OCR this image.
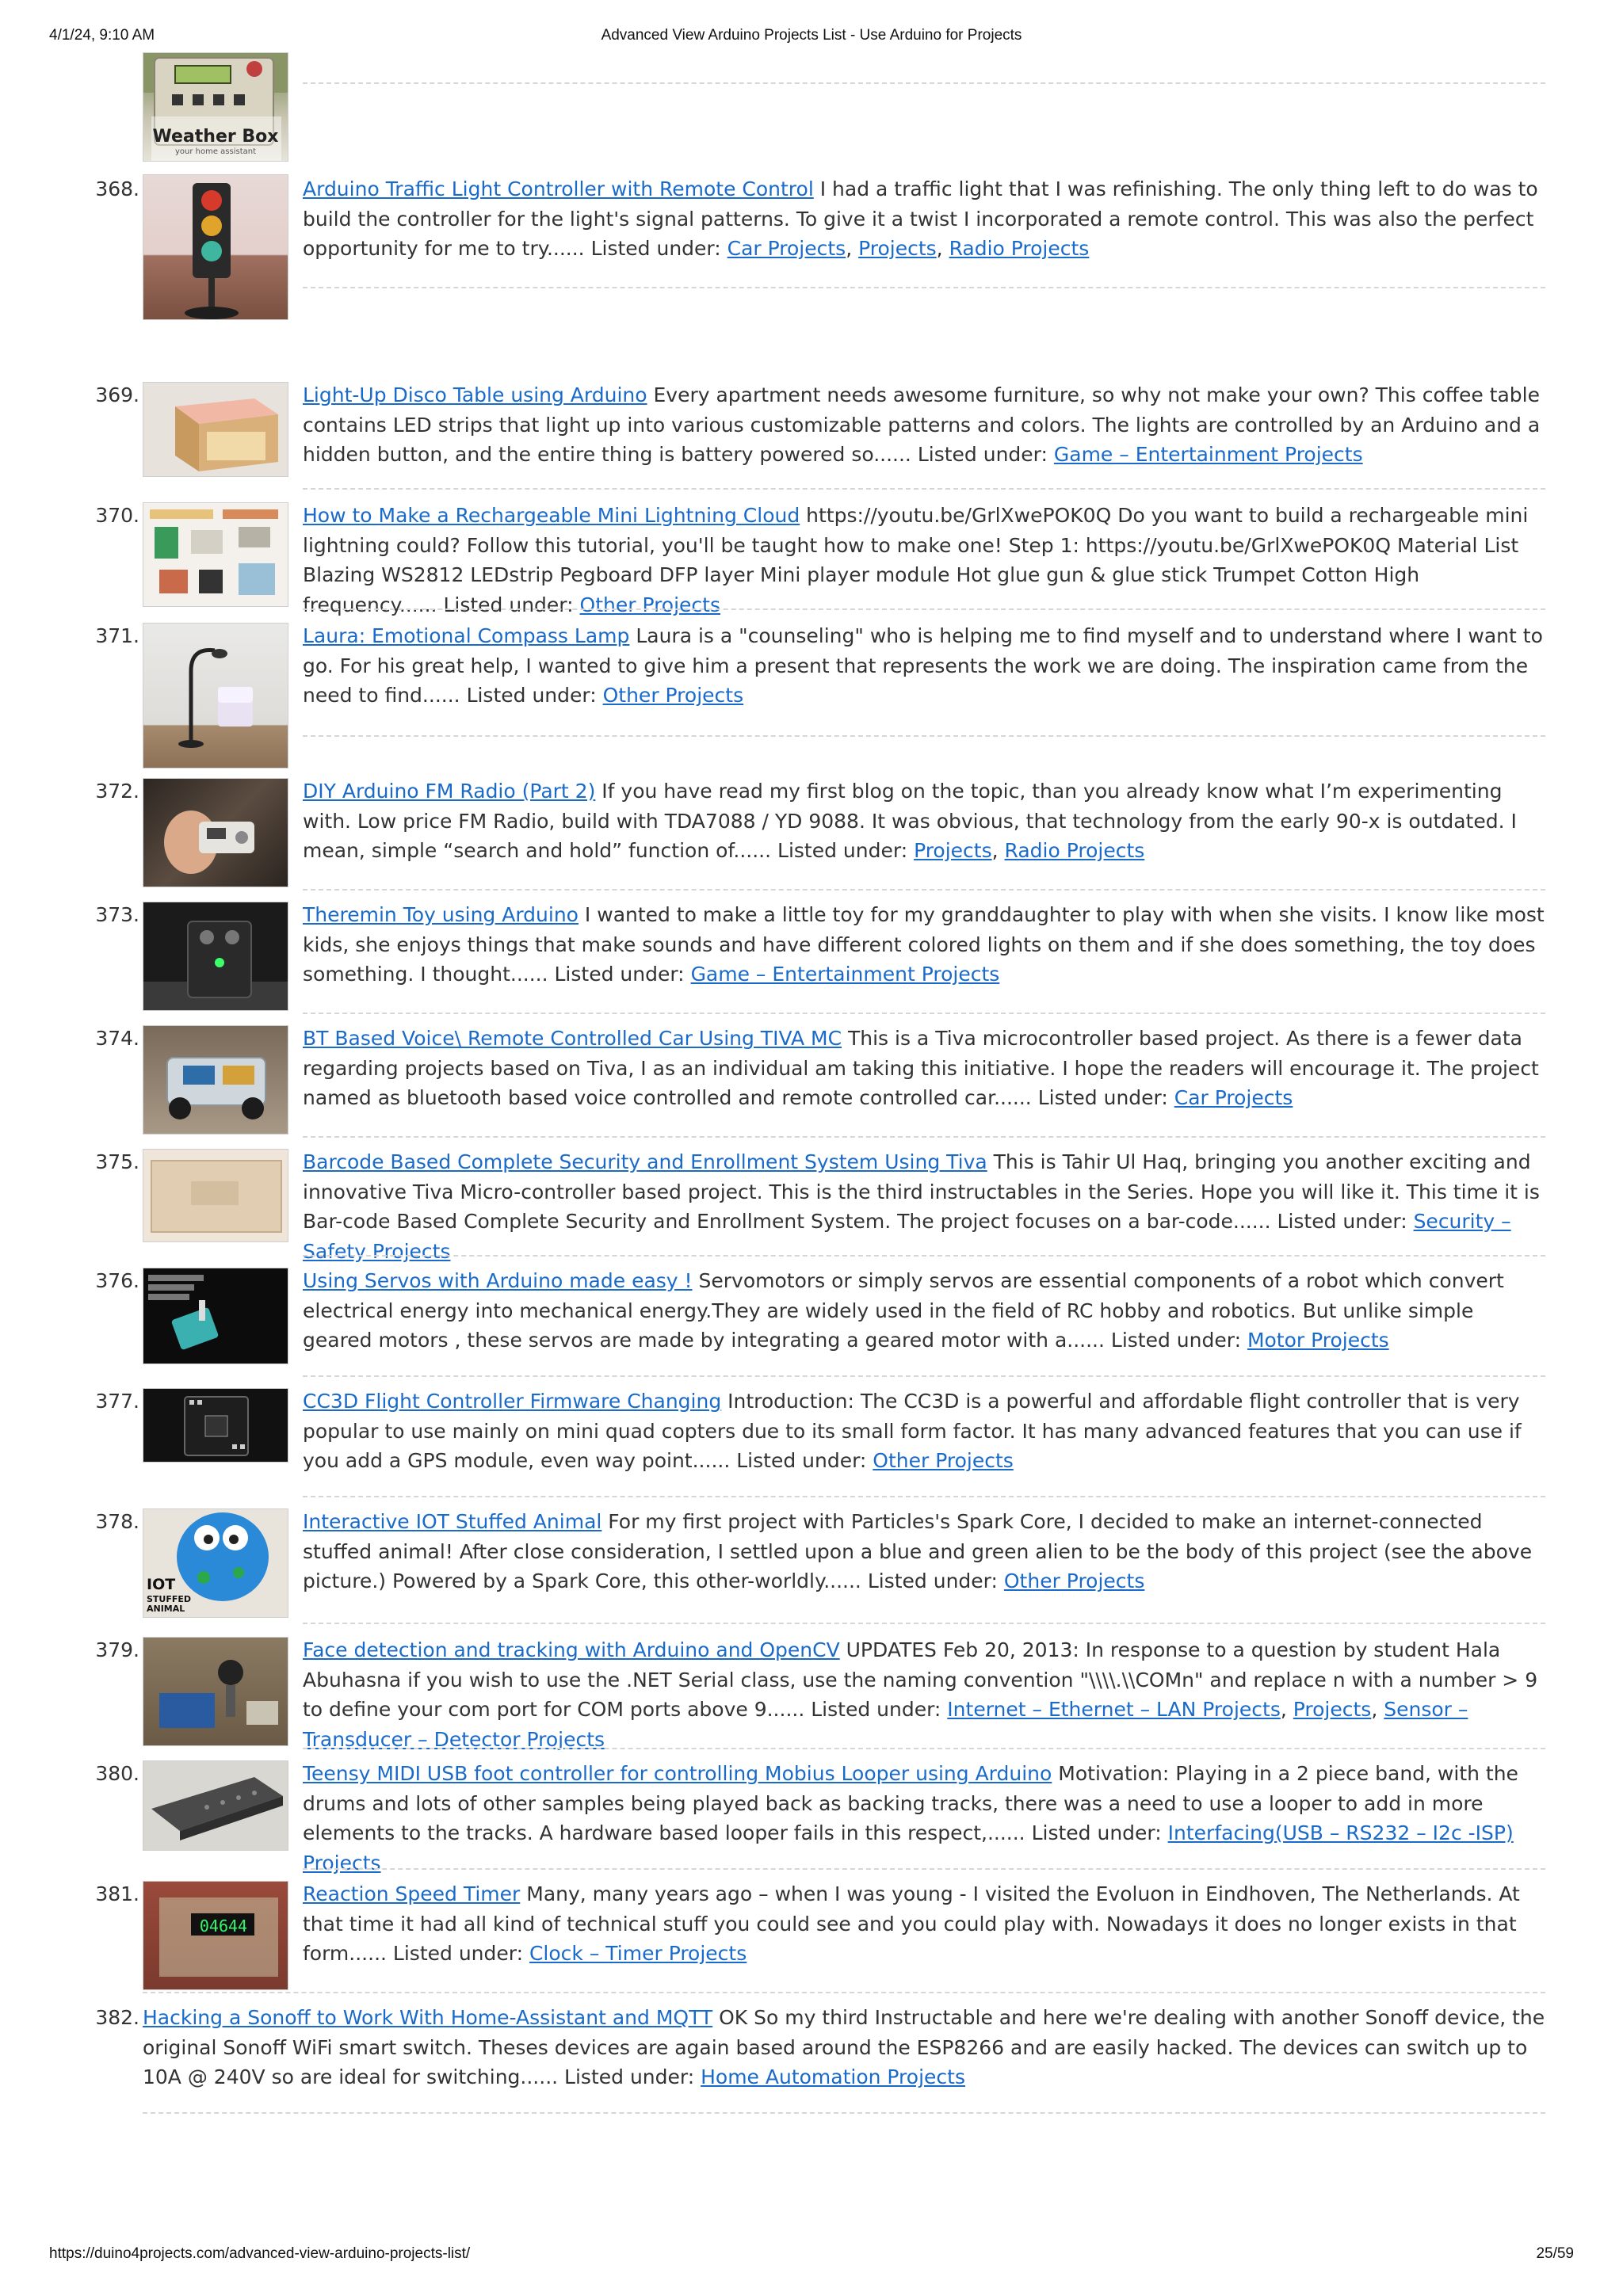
4/1/24, 9:10 AM	Advanced View Arduino Projects List - Use Arduino for Projects
Weather Box
your home assistant
368.	Arduino Traffic Light Controller with Remote Control I had a traffic light that I was refinishing. The only thing left to do was to build the controller for the light's signal patterns. To give it a twist I incorporated a remote control. This was also the perfect opportunity for me to try...... Listed under: Car Projects, Projects, Radio Projects
369.	Light-Up Disco Table using Arduino Every apartment needs awesome furniture, so why not make your own? This coffee table contains LED strips that light up into various customizable patterns and colors. The lights are controlled by an Arduino and a hidden button, and the entire thing is battery powered so...... Listed under: Game – Entertainment Projects
370.	How to Make a Rechargeable Mini Lightning Cloud https://youtu.be/GrlXwePOK0Q Do you want to build a rechargeable mini lightning could? Follow this tutorial, you'll be taught how to make one! Step 1: https://youtu.be/GrlXwePOK0Q Material List Blazing WS2812 LEDstrip Pegboard DFP layer Mini player module Hot glue gun & glue stick Trumpet Cotton High frequency...... Listed under: Other Projects
371.	Laura: Emotional Compass Lamp Laura is a "counseling" who is helping me to find myself and to understand where I want to go. For his great help, I wanted to give him a present that represents the work we are doing. The inspiration came from the need to find...... Listed under: Other Projects
372.	DIY Arduino FM Radio (Part 2) If you have read my first blog on the topic, than you already know what I’m experimenting with. Low price FM Radio, build with TDA7088 / YD 9088. It was obvious, that technology from the early 90-x is outdated. I mean, simple “search and hold” function of...... Listed under: Projects, Radio Projects
373.	Theremin Toy using Arduino I wanted to make a little toy for my granddaughter to play with when she visits. I know like most kids, she enjoys things that make sounds and have different colored lights on them and if she does something, the toy does something. I thought...... Listed under: Game – Entertainment Projects
374.	BT Based Voice\ Remote Controlled Car Using TIVA MC This is a Tiva microcontroller based project. As there is a fewer data regarding projects based on Tiva, I as an individual am taking this initiative. I hope the readers will encourage it. The project named as bluetooth based voice controlled and remote controlled car...... Listed under: Car Projects
375.	Barcode Based Complete Security and Enrollment System Using Tiva This is Tahir Ul Haq, bringing you another exciting and innovative Tiva Micro-controller based project. This is the third instructables in the Series. Hope you will like it. This time it is Bar-code Based Complete Security and Enrollment System. The project focuses on a bar-code...... Listed under: Security – Safety Projects
376.	Using Servos with Arduino made easy ! Servomotors or simply servos are essential components of a robot which convert electrical energy into mechanical energy.They are widely used in the field of RC hobby and robotics. But unlike simple geared motors , these servos are made by integrating a geared motor with a...... Listed under: Motor Projects
377.	CC3D Flight Controller Firmware Changing Introduction: The CC3D is a powerful and affordable flight controller that is very popular to use mainly on mini quad copters due to its small form factor. It has many advanced features that you can use if you add a GPS module, even way point...... Listed under: Other Projects
378.
IOT
STUFFED
ANIMAL
Interactive IOT Stuffed Animal For my first project with Particles's Spark Core, I decided to make an internet-connected stuffed animal! After close consideration, I settled upon a blue and green alien to be the body of this project (see the above picture.) Powered by a Spark Core, this other-worldly...... Listed under: Other Projects
379.	Face detection and tracking with Arduino and OpenCV UPDATES Feb 20, 2013: In response to a question by student Hala Abuhasna if you wish to use the .NET Serial class, use the naming convention "\\\\.\\COMn" and replace n with a number > 9 to define your com port for COM ports above 9...... Listed under: Internet – Ethernet – LAN Projects, Projects, Sensor – Transducer – Detector Projects
380.	Teensy MIDI USB foot controller for controlling Mobius Looper using Arduino Motivation: Playing in a 2 piece band, with the drums and lots of other samples being played back as backing tracks, there was a need to use a looper to add in more elements to the tracks. A hardware based looper fails in this respect,...... Listed under: Interfacing(USB – RS232 – I2c -ISP) Projects
381.
04644
Reaction Speed Timer Many, many years ago – when I was young - I visited the Evoluon in Eindhoven, The Netherlands. At that time it had all kind of technical stuff you could see and you could play with. Nowadays it does no longer exists in that form...... Listed under: Clock – Timer Projects
382. Hacking a Sonoff to Work With Home-Assistant and MQTT OK So my third Instructable and here we're dealing with another Sonoff device, the original Sonoff WiFi smart switch. Theses devices are again based around the ESP8266 and are easily hacked. The devices can switch up to 10A @ 240V so are ideal for switching...... Listed under: Home Automation Projects
https://duino4projects.com/advanced-view-arduino-projects-list/	25/59
